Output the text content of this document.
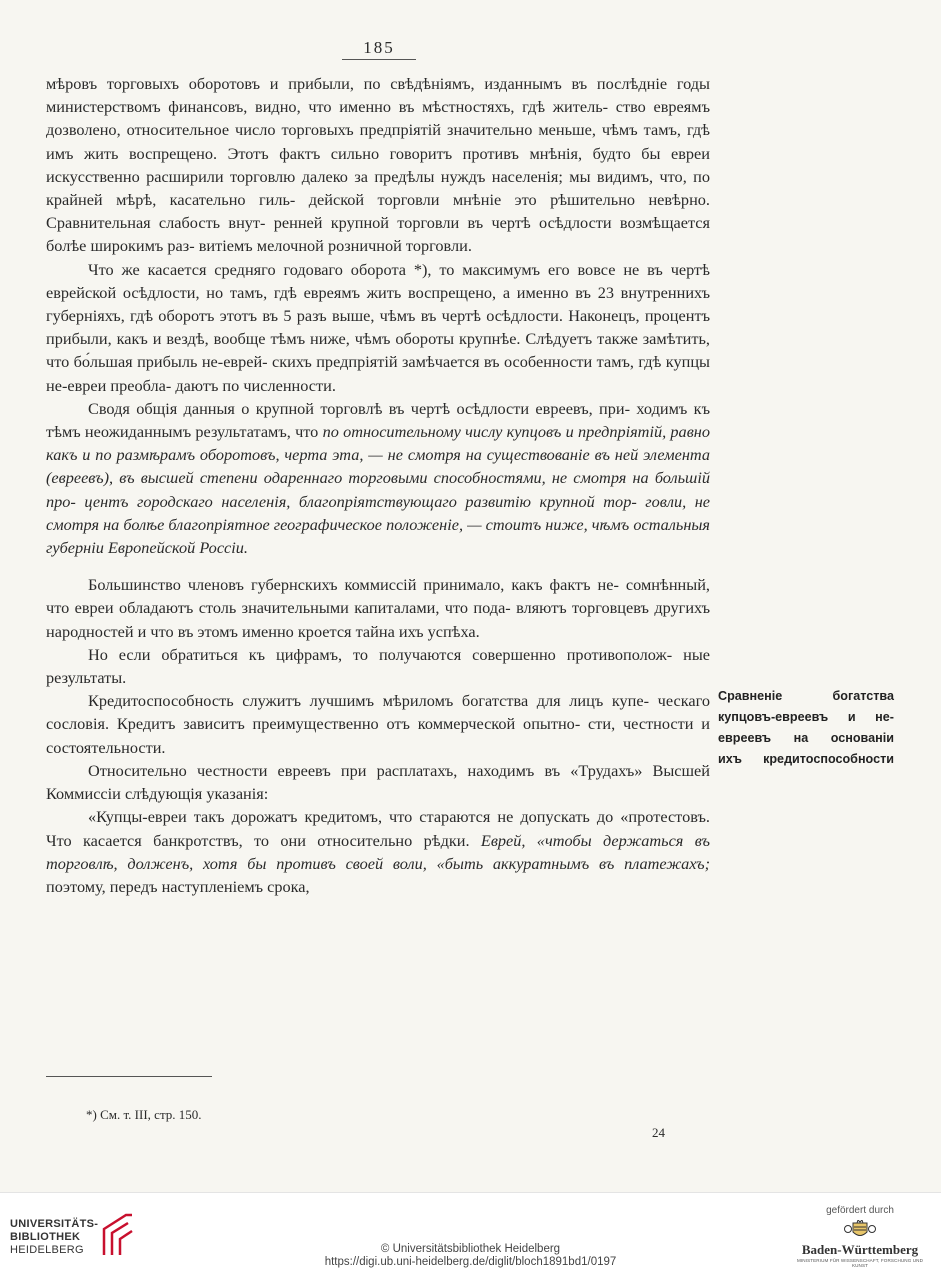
185

мѣровъ торговыхъ оборотовъ и прибыли, по свѣдѣніямъ, изданнымъ въ послѣдніе годы министерствомъ финансовъ, видно, что именно въ мѣстностяхъ, гдѣ житель- ство евреямъ дозволено, относительное число торговыхъ предпріятій значительно меньше, чѣмъ тамъ, гдѣ имъ жить воспрещено. Этотъ фактъ сильно говоритъ противъ мнѣнія, будто бы евреи искусственно расширили торговлю далеко за предѣлы нуждъ населенія; мы видимъ, что, по крайней мѣрѣ, касательно гиль- дейской торговли мнѣніе это рѣшительно невѣрно. Сравнительная слабость внут- ренней крупной торговли въ чертѣ осѣдлости возмѣщается болѣе широкимъ раз- витіемъ мелочной розничной торговли.

Что же касается средняго годоваго оборота *), то максимумъ его вовсе не въ чертѣ еврейской осѣдлости, но тамъ, гдѣ евреямъ жить воспрещено, а именно въ 23 внутреннихъ губерніяхъ, гдѣ оборотъ этотъ въ 5 разъ выше, чѣмъ въ чертѣ осѣдлости. Наконецъ, процентъ прибыли, какъ и вездѣ, вообще тѣмъ ниже, чѣмъ обороты крупнѣе. Слѣдуетъ также замѣтить, что бо́льшая прибыль не-еврей- скихъ предпріятій замѣчается въ особенности тамъ, гдѣ купцы не-евреи преобла- даютъ по численности.

Сводя общія данныя о крупной торговлѣ въ чертѣ осѣдлости евреевъ, при- ходимъ къ тѣмъ неожиданнымъ результатамъ, что по относительному числу купцовъ и предпріятій, равно какъ и по размѣрамъ оборотовъ, черта эта, — не смотря на существованіе въ ней элемента (евреевъ), въ высшей степени одареннаго торговыми способностями, не смотря на большій про- центъ городскаго населенія, благопріятствующаго развитію крупной тор- говли, не смотря на болѣе благопріятное географическое положеніе, — стоитъ ниже, чѣмъ остальныя губерніи Европейской Россіи.

Большинство членовъ губернскихъ коммиссій принимало, какъ фактъ не- сомнѣнный, что евреи обладаютъ столь значительными капиталами, что пода- вляютъ торговцевъ другихъ народностей и что въ этомъ именно кроется тайна ихъ успѣха.

Но если обратиться къ цифрамъ, то получаются совершенно противополож- ные результаты.

Кредитоспособность служитъ лучшимъ мѣриломъ богатства для лицъ купе- ческаго сословія. Кредитъ зависитъ преимущественно отъ коммерческой опытно- сти, честности и состоятельности.

Относительно честности евреевъ при расплатахъ, находимъ въ «Трудахъ» Высшей Коммиссіи слѣдующія указанія:

«Купцы-евреи такъ дорожатъ кредитомъ, что стараются не допускать до «протестовъ. Что касается банкротствъ, то они относительно рѣдки. Еврей, «чтобы держаться въ торговлѣ, долженъ, хотя бы противъ своей воли, «быть аккуратнымъ въ платежахъ; поэтому, передъ наступленіемъ срока,

Сравненіе богатства
купцовъ-евреевъ и не-
евреевъ на основаніи
ихъ кредитоспособности
*) См. т. III, стр. 150.
24
UNIVERSITÄTS-
BIBLIOTHEK
HEIDELBERG	© Universitätsbibliothek Heidelberg
https://digi.ub.uni-heidelberg.de/diglit/bloch1891bd1/0197
gefördert durch
Baden-Württemberg
MINISTERIUM FÜR WISSENSCHAFT, FORSCHUNG UND KUNST
